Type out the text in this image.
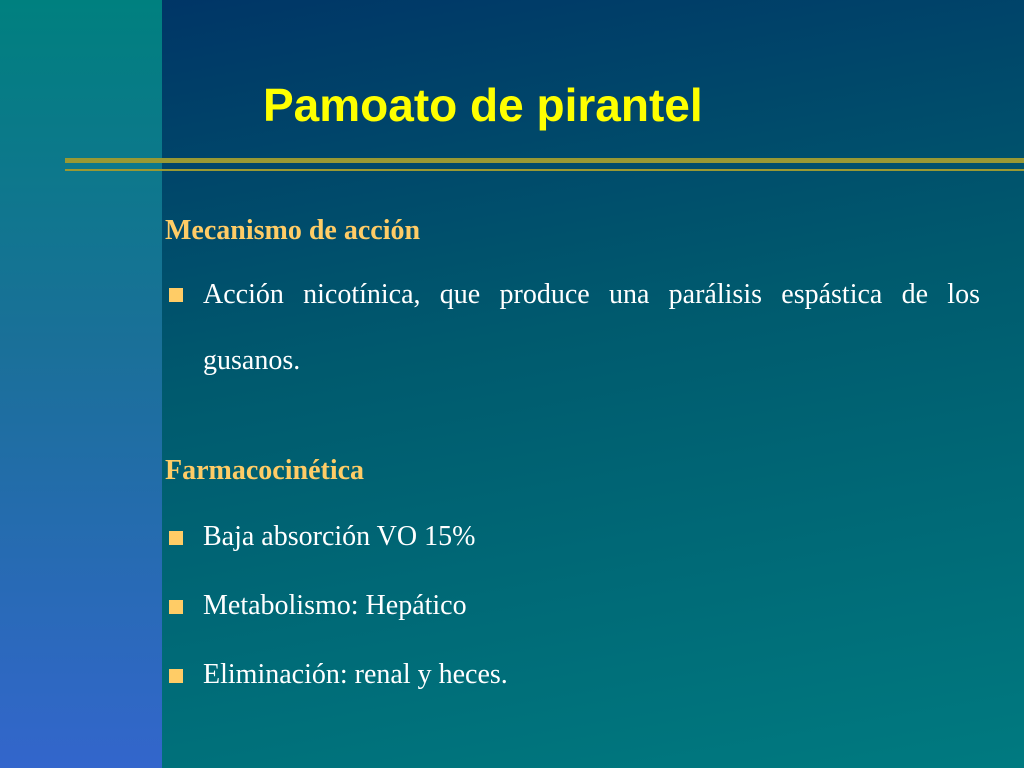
Pamoato de pirantel

Mecanismo de acción

Acción nicotínica, que produce una parálisis espástica de los gusanos.

Farmacocinética

Baja absorción VO 15%
Metabolismo: Hepático
Eliminación: renal y heces.
